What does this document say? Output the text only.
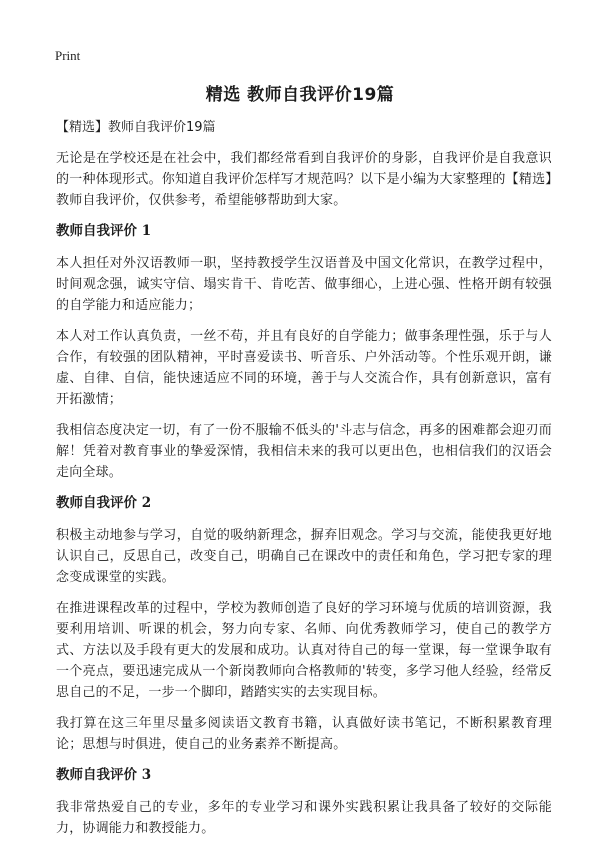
Print
精选 教师自我评价19篇

【精选】教师自我评价19篇

无论是在学校还是在社会中，我们都经常看到自我评价的身影，自我评价是自我意识的一种体现形式。你知道自我评价怎样写才规范吗？以下是小编为大家整理的【精选】教师自我评价，仅供参考，希望能够帮助到大家。

教师自我评价 1

本人担任对外汉语教师一职，坚持教授学生汉语普及中国文化常识，在教学过程中，时间观念强，诚实守信、塌实肯干、肯吃苦、做事细心，上进心强、性格开朗有较强的自学能力和适应能力；

本人对工作认真负责，一丝不苟，并且有良好的自学能力；做事条理性强，乐于与人合作，有较强的团队精神，平时喜爱读书、听音乐、户外活动等。个性乐观开朗，谦虚、自律、自信，能快速适应不同的环境，善于与人交流合作，具有创新意识，富有开拓激情；

我相信态度决定一切，有了一份不服输不低头的'斗志与信念，再多的困难都会迎刃而解！凭着对教育事业的挚爱深情，我相信未来的我可以更出色，也相信我们的汉语会走向全球。

教师自我评价 2

积极主动地参与学习，自觉的吸纳新理念，摒弃旧观念。学习与交流，能使我更好地认识自己，反思自己，改变自己，明确自己在课改中的责任和角色，学习把专家的理念变成课堂的实践。

在推进课程改革的过程中，学校为教师创造了良好的学习环境与优质的培训资源，我要利用培训、听课的机会，努力向专家、名师、向优秀教师学习，使自己的教学方式、方法以及手段有更大的发展和成功。认真对待自己的每一堂课，每一堂课争取有一个亮点，要迅速完成从一个新岗教师向合格教师的'转变，多学习他人经验，经常反思自己的不足，一步一个脚印，踏踏实实的去实现目标。

我打算在这三年里尽量多阅读语文教育书籍，认真做好读书笔记，不断积累教育理论；思想与时俱进，使自己的业务素养不断提高。

教师自我评价 3

我非常热爱自己的专业，多年的专业学习和课外实践积累让我具备了较好的交际能力，协调能力和教授能力。
